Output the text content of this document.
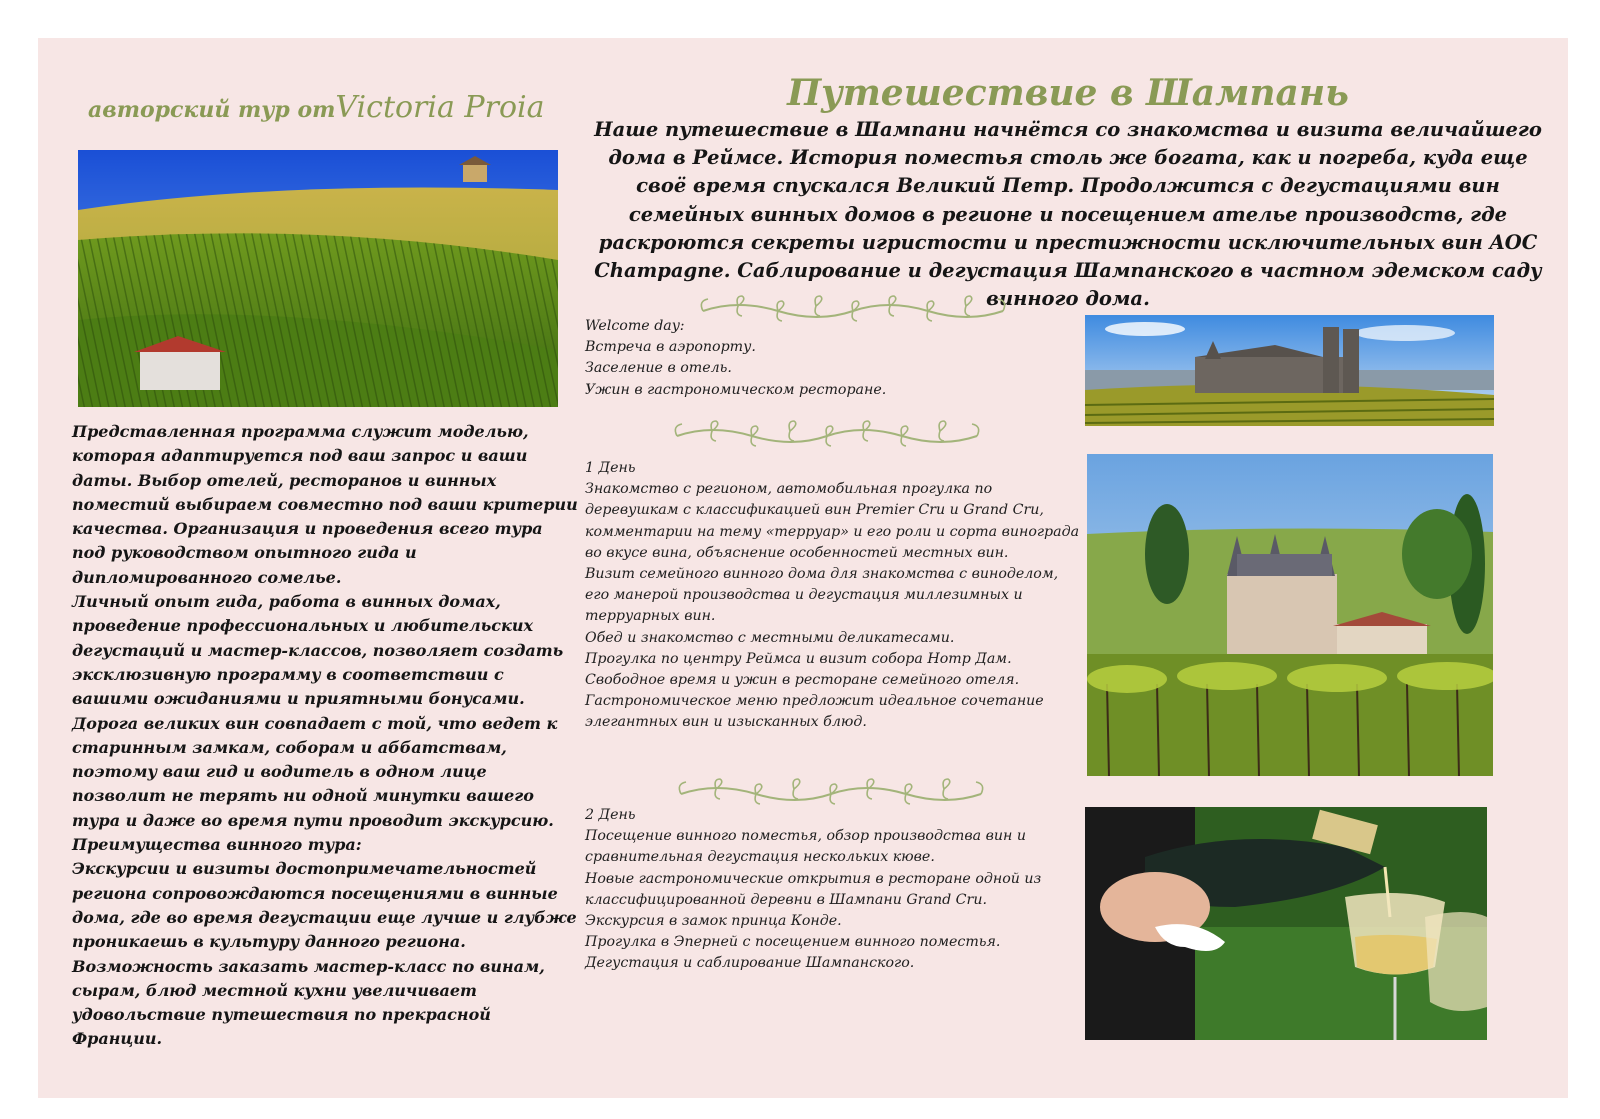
авторский тур отVictoria Proia	Путешествие в Шампань
Наше путешествие в Шампани начнётся со знакомства и визита величайшего дома в Реймсе. История поместья столь же богата, как и погреба, куда еще своё время спускался Великий Петр. Продолжится с дегустациями вин семейных винных домов в регионе и посещением ателье производств, где раскроются секреты игристости и престижности исключительных вин AOC Champagne. Саблирование и дегустация Шампанского в частном эдемском саду винного дома.

Представленная программа служит моделью, которая адаптируется под ваш запрос и ваши даты. Выбор отелей, ресторанов и винных поместий выбираем совместно под ваши критерии качества. Организация и проведения всего тура под руководством опытного гида и дипломированного сомелье.

Личный опыт гида, работа в винных домах, проведение профессиональных и любительских дегустаций и мастер-классов, позволяет создать эксклюзивную программу в соответствии с вашими ожиданиями и приятными бонусами.

Дорога великих вин совпадает с той, что ведет к старинным замкам, соборам и аббатствам, поэтому ваш гид и водитель в одном лице позволит не терять ни одной минутки вашего тура и даже во время пути проводит экскурсию.

Преимущества винного тура:

Экскурсии и визиты достопримечательностей региона сопровождаются посещениями в винные дома, где во время дегустации еще лучше и глубже проникаешь в культуру данного региона.

Возможность заказать мастер-класс по винам, сырам, блюд местной кухни увеличивает удовольствие путешествия по прекрасной Франции.

Welcome day:

Встреча в аэропорту.

Заселение в отель.

Ужин в гастрономическом ресторане.

1 День

Знакомство с регионом, автомобильная прогулка по деревушкам с классификацией вин Premier Cru и Grand Cru, комментарии на тему «терруар» и его роли и сорта винограда во вкусе вина, объяснение особенностей местных вин.

Визит семейного винного дома для знакомства с виноделом, его манерой производства и дегустация миллезимных и терруарных вин.

Обед и знакомство с местными деликатесами.

Прогулка по центру Реймса и визит собора Нотр Дам.

Свободное время и ужин в ресторане семейного отеля.

Гастрономическое меню предложит идеальное сочетание элегантных вин и изысканных блюд.

2 День

Посещение винного поместья, обзор производства вин и сравнительная дегустация нескольких кюве.

Новые гастрономические открытия в ресторане одной из классифицированной деревни в Шампани Grand Cru.

Экскурсия в замок принца Конде.

Прогулка в Эперней с посещением винного поместья.

Дегустация и саблирование Шампанского.
